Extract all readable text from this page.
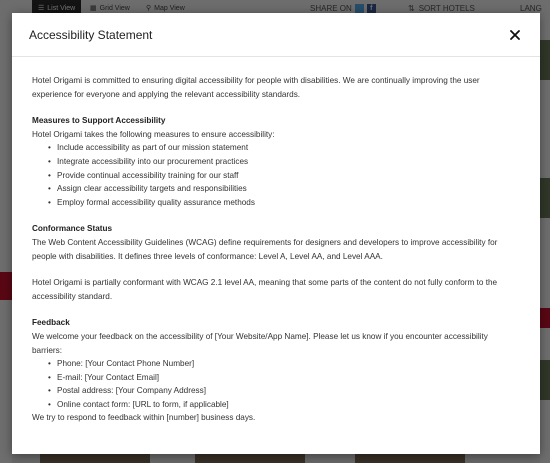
Accessibility Statement

Hotel Origami is committed to ensuring digital accessibility for people with disabilities. We are continually improving the user experience for everyone and applying the relevant accessibility standards.

Measures to Support Accessibility
Hotel Origami takes the following measures to ensure accessibility:
• Include accessibility as part of our mission statement
• Integrate accessibility into our procurement practices
• Provide continual accessibility training for our staff
• Assign clear accessibility targets and responsibilities
• Employ formal accessibility quality assurance methods
Conformance Status

The Web Content Accessibility Guidelines (WCAG) define requirements for designers and developers to improve accessibility for people with disabilities. It defines three levels of conformance: Level A, Level AA, and Level AAA.

Hotel Origami is partially conformant with WCAG 2.1 level AA, meaning that some parts of the content do not fully conform to the accessibility standard.

Feedback
We welcome your feedback on the accessibility of [Your Website/App Name]. Please let us know if you encounter accessibility barriers:
• Phone: [Your Contact Phone Number]
• E-mail: [Your Contact Email]
• Postal address: [Your Company Address]
• Online contact form: [URL to form, if applicable]
We try to respond to feedback within [number] business days.
